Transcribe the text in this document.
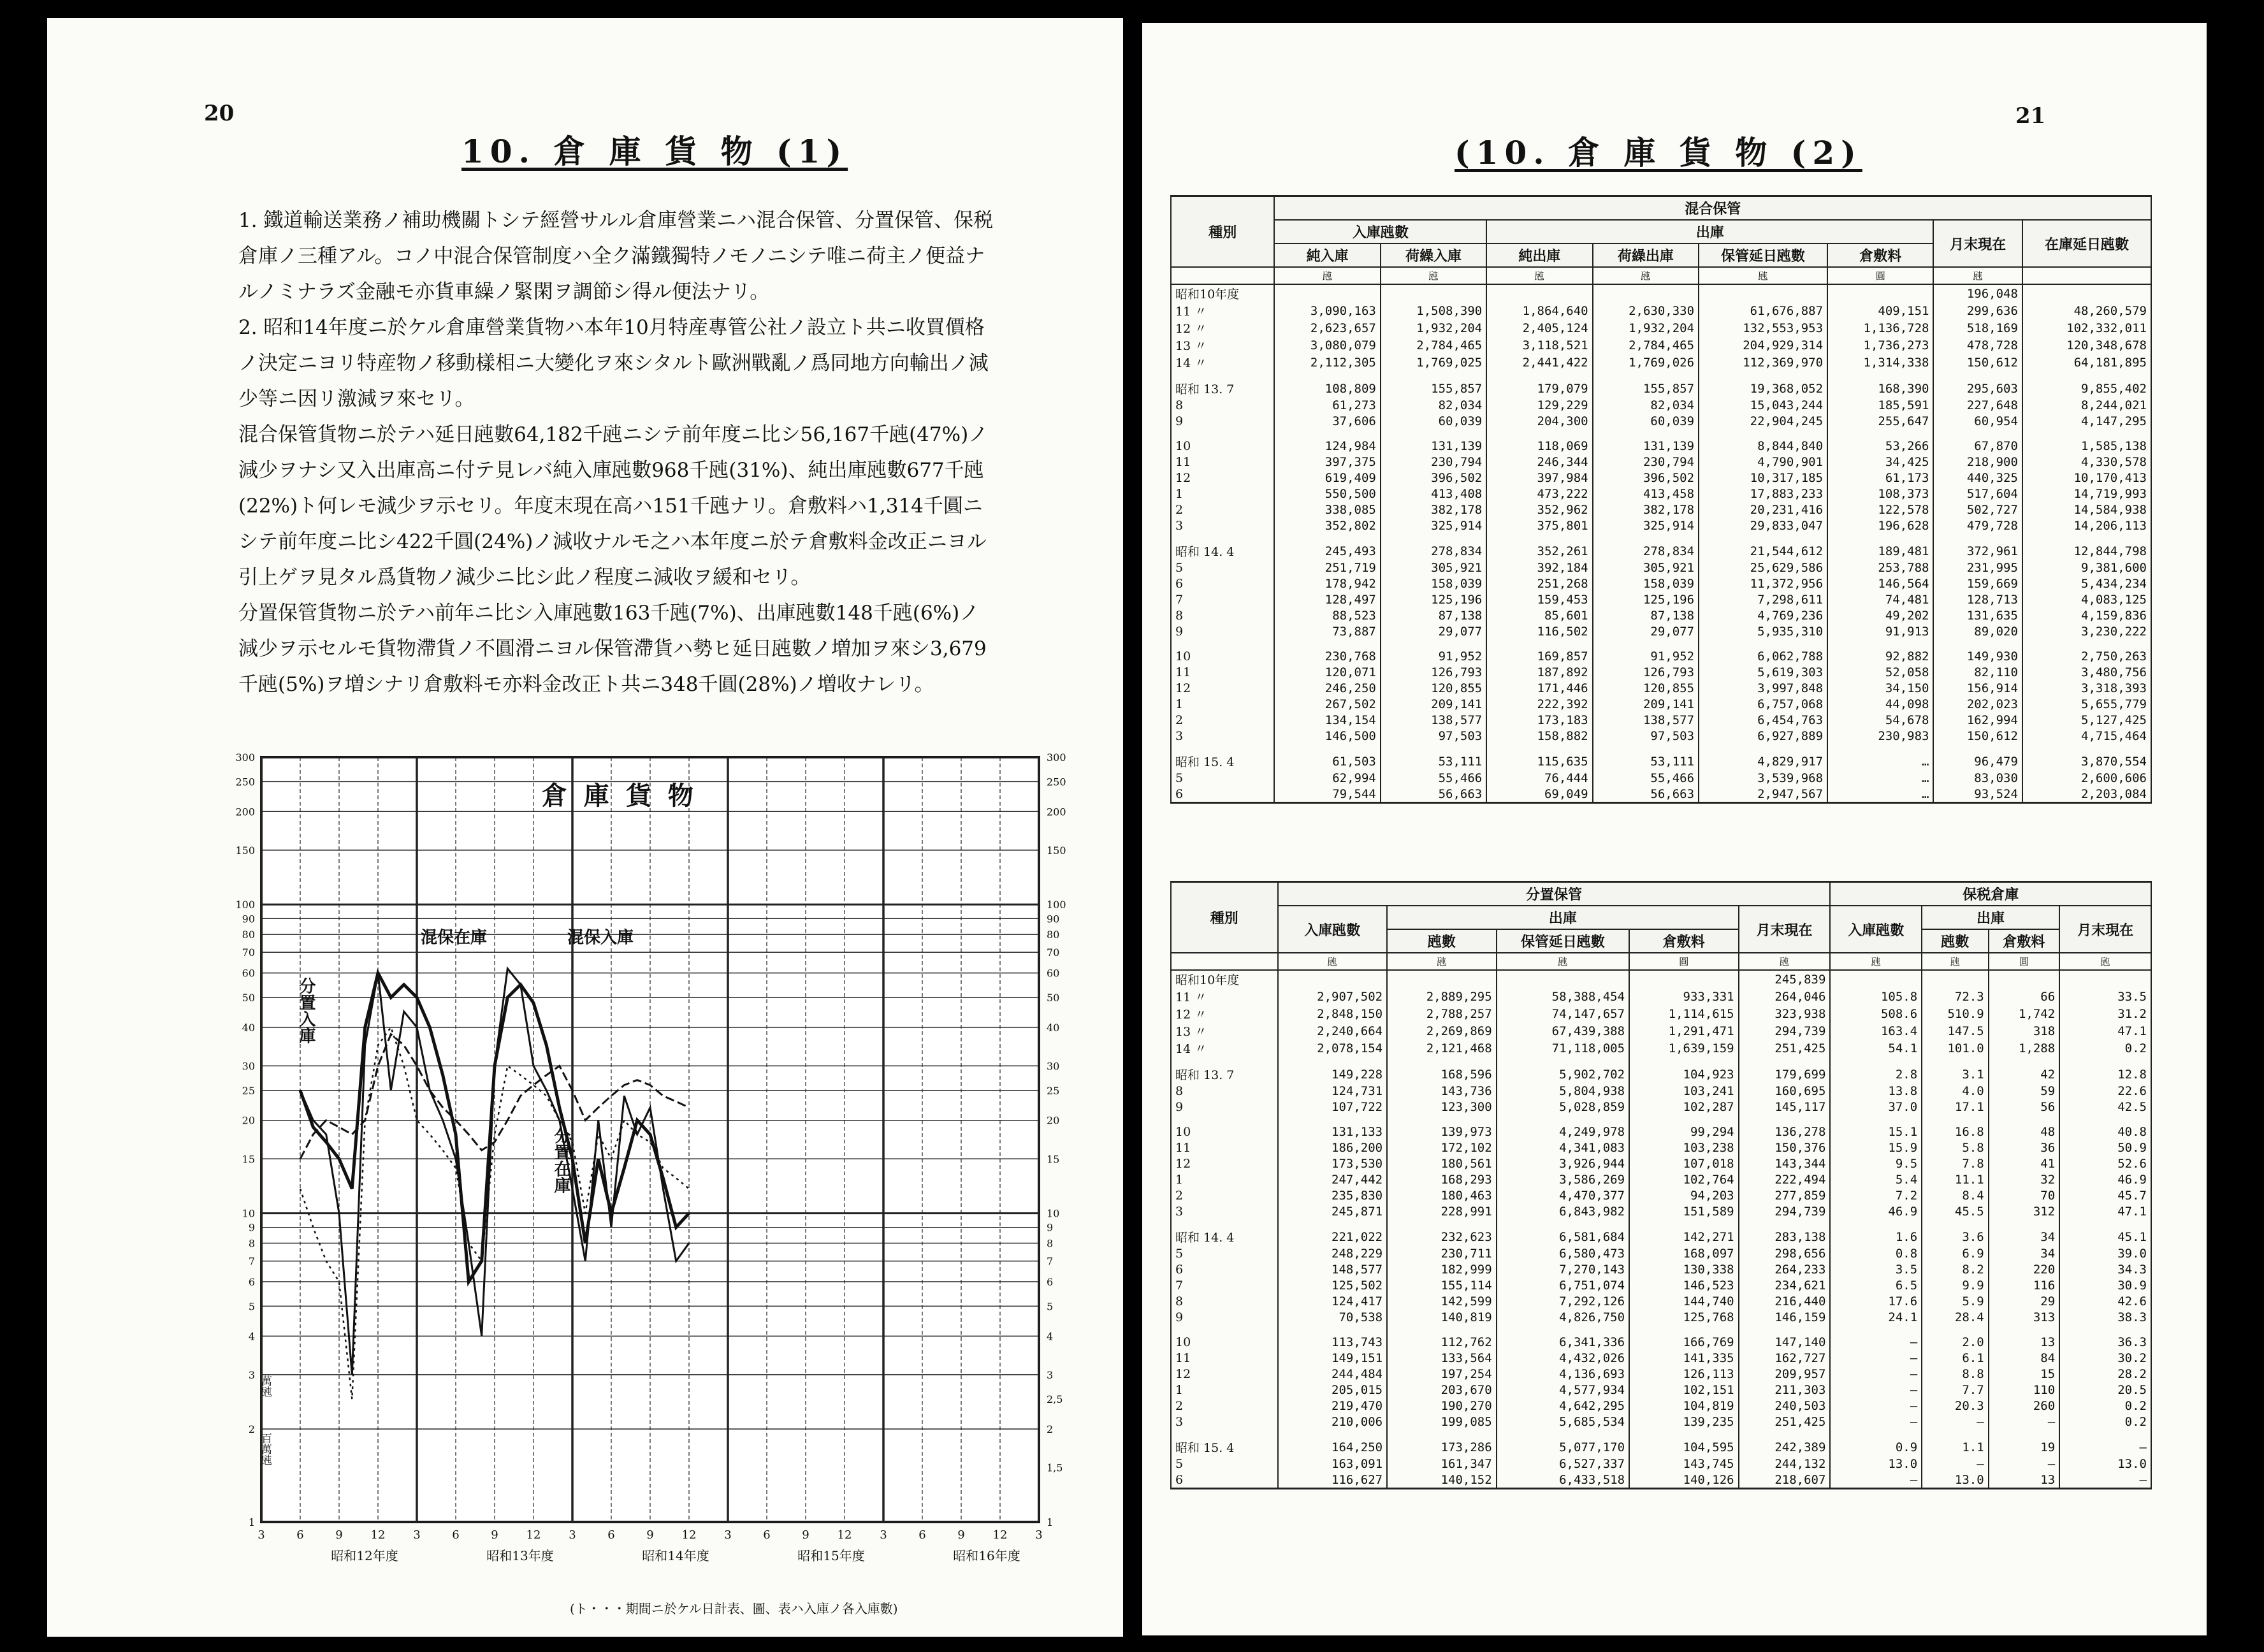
20
10. 倉 庫 貨 物 (1)

1. 鐵道輸送業務ノ補助機關トシテ經營サルル倉庫營業ニハ混合保管、分置保管、保税倉庫ノ三種アル。コノ中混合保管制度ハ全ク滿鐵獨特ノモノニシテ唯ニ荷主ノ便益ナルノミナラズ金融モ亦貨車繰ノ緊閑ヲ調節シ得ル便法ナリ。

2. 昭和14年度ニ於ケル倉庫營業貨物ハ本年10月特産專管公社ノ設立ト共ニ收買價格ノ決定ニヨリ特産物ノ移動樣相ニ大變化ヲ來シタルト歐洲戰亂ノ爲同地方向輸出ノ減少等ニ因リ激減ヲ來セリ。

混合保管貨物ニ於テハ延日瓲數64,182千瓲ニシテ前年度ニ比シ56,167千瓲(47%)ノ減少ヲナシ又入出庫高ニ付テ見レバ純入庫瓲數968千瓲(31%)、純出庫瓲數677千瓲(22%)ト何レモ減少ヲ示セリ。年度末現在高ハ151千瓲ナリ。倉敷料ハ1,314千圓ニシテ前年度ニ比シ422千圓(24%)ノ減收ナルモ之ハ本年度ニ於テ倉敷料金改正ニヨル引上ゲヲ見タル爲貨物ノ減少ニ比シ此ノ程度ニ減收ヲ緩和セリ。

分置保管貨物ニ於テハ前年ニ比シ入庫瓲數163千瓲(7%)、出庫瓲數148千瓲(6%)ノ減少ヲ示セルモ貨物滯貨ノ不圓滑ニヨル保管滯貨ハ勢ヒ延日瓲數ノ増加ヲ來シ3,679千瓲(5%)ヲ増シナリ倉敷料モ亦料金改正ト共ニ348千圓(28%)ノ増收ナレリ。

300
250
200
150
100
90
80
70
60
50
40
30
25
20
15
10
9
8
7
6
5
4
3
2
1
300
250
200
150
100
90
80
70
60
50
40
30
25
20
15
10
9
8
7
6
5
4
3
2,5
2
1,5
1
3	6	9 12 3	6	9 12 3	6	9 12 3	6	9 12 3	6	9 12 3
昭和12年度	昭和13年度	昭和14年度	昭和15年度	昭和16年度
倉 庫 貨 物
萬瓲
百萬瓲
混保在庫	混保入庫
分置入庫
分置在庫
(ト・・・期間ニ於ケル日計表、圖、表ハ入庫ノ各入庫數)
21
(10. 倉 庫 貨 物 (2)
種別	混合保管							
	入庫瓲數		出庫				月末現在	在庫延日瓲數
	純入庫	荷繰入庫	純出庫	荷繰出庫	保管延日瓲數	倉敷料		
	瓲	瓲	瓲	瓲	瓲	圓	瓲	
昭和10年度							196,048	
11 〃	3,090,163	1,508,390	1,864,640	2,630,330	61,676,887	409,151	299,636	48,260,579
12 〃	2,623,657	1,932,204	2,405,124	1,932,204	132,553,953	1,136,728	518,169	102,332,011
13 〃	3,080,079	2,784,465	3,118,521	2,784,465	204,929,314	1,736,273	478,728	120,348,678
14 〃	2,112,305	1,769,025	2,441,422	1,769,026	112,369,970	1,314,338	150,612	64,181,895

昭和 13. 7	108,809	155,857	179,079	155,857	19,368,052	168,390	295,603	9,855,402
8	61,273	82,034	129,229	82,034	15,043,244	185,591	227,648	8,244,021
9	37,606	60,039	204,300	60,039	22,904,245	255,647	60,954	4,147,295

10	124,984	131,139	118,069	131,139	8,844,840	53,266	67,870	1,585,138
11	397,375	230,794	246,344	230,794	4,790,901	34,425	218,900	4,330,578
12	619,409	396,502	397,984	396,502	10,317,185	61,173	440,325	10,170,413
1	550,500	413,408	473,222	413,458	17,883,233	108,373	517,604	14,719,993
2	338,085	382,178	352,962	382,178	20,231,416	122,578	502,727	14,584,938
3	352,802	325,914	375,801	325,914	29,833,047	196,628	479,728	14,206,113

昭和 14. 4	245,493	278,834	352,261	278,834	21,544,612	189,481	372,961	12,844,798
5	251,719	305,921	392,184	305,921	25,629,586	253,788	231,995	9,381,600
6	178,942	158,039	251,268	158,039	11,372,956	146,564	159,669	5,434,234
7	128,497	125,196	159,453	125,196	7,298,611	74,481	128,713	4,083,125
8	88,523	87,138	85,601	87,138	4,769,236	49,202	131,635	4,159,836
9	73,887	29,077	116,502	29,077	5,935,310	91,913	89,020	3,230,222

10	230,768	91,952	169,857	91,952	6,062,788	92,882	149,930	2,750,263
11	120,071	126,793	187,892	126,793	5,619,303	52,058	82,110	3,480,756
12	246,250	120,855	171,446	120,855	3,997,848	34,150	156,914	3,318,393
1	267,502	209,141	222,392	209,141	6,757,068	44,098	202,023	5,655,779
2	134,154	138,577	173,183	138,577	6,454,763	54,678	162,994	5,127,425
3	146,500	97,503	158,882	97,503	6,927,889	230,983	150,612	4,715,464

昭和 15. 4	61,503	53,111	115,635	53,111	4,829,917	…	96,479	3,870,554
5	62,994	55,466	76,444	55,466	3,539,968	…	83,030	2,600,606
6	79,544	56,663	69,049	56,663	2,947,567	…	93,524	2,203,084
種別	分置保管					保税倉庫			
	入庫瓲數	出庫			月末現在	入庫瓲數	出庫		月末現在
		瓲數	保管延日瓲數	倉敷料			瓲數	倉敷料	
	瓲	瓲	瓲	圓	瓲	瓲	瓲	圓	瓲
昭和10年度					245,839				
11 〃	2,907,502	2,889,295	58,388,454	933,331	264,046	105.8	72.3	66	33.5
12 〃	2,848,150	2,788,257	74,147,657	1,114,615	323,938	508.6	510.9	1,742	31.2
13 〃	2,240,664	2,269,869	67,439,388	1,291,471	294,739	163.4	147.5	318	47.1
14 〃	2,078,154	2,121,468	71,118,005	1,639,159	251,425	54.1	101.0	1,288	0.2

昭和 13. 7	149,228	168,596	5,902,702	104,923	179,699	2.8	3.1	42	12.8
8	124,731	143,736	5,804,938	103,241	160,695	13.8	4.0	59	22.6
9	107,722	123,300	5,028,859	102,287	145,117	37.0	17.1	56	42.5

10	131,133	139,973	4,249,978	99,294	136,278	15.1	16.8	48	40.8
11	186,200	172,102	4,341,083	103,238	150,376	15.9	5.8	36	50.9
12	173,530	180,561	3,926,944	107,018	143,344	9.5	7.8	41	52.6
1	247,442	168,293	3,586,269	102,764	222,494	5.4	11.1	32	46.9
2	235,830	180,463	4,470,377	94,203	277,859	7.2	8.4	70	45.7
3	245,871	228,991	6,843,982	151,589	294,739	46.9	45.5	312	47.1

昭和 14. 4	221,022	232,623	6,581,684	142,271	283,138	1.6	3.6	34	45.1
5	248,229	230,711	6,580,473	168,097	298,656	0.8	6.9	34	39.0
6	148,577	182,999	7,270,143	130,338	264,233	3.5	8.2	220	34.3
7	125,502	155,114	6,751,074	146,523	234,621	6.5	9.9	116	30.9
8	124,417	142,599	7,292,126	144,740	216,440	17.6	5.9	29	42.6
9	70,538	140,819	4,826,750	125,768	146,159	24.1	28.4	313	38.3

10	113,743	112,762	6,341,336	166,769	147,140	—	2.0	13	36.3
11	149,151	133,564	4,432,026	141,335	162,727	—	6.1	84	30.2
12	244,484	197,254	4,136,693	126,113	209,957	—	8.8	15	28.2
1	205,015	203,670	4,577,934	102,151	211,303	—	7.7	110	20.5
2	219,470	190,270	4,642,295	104,819	240,503	—	20.3	260	0.2
3	210,006	199,085	5,685,534	139,235	251,425	—	—	—	0.2

昭和 15. 4	164,250	173,286	5,077,170	104,595	242,389	0.9	1.1	19	—
5	163,091	161,347	6,527,337	143,745	244,132	13.0	—	—	13.0
6	116,627	140,152	6,433,518	140,126	218,607	—	13.0	13	—
